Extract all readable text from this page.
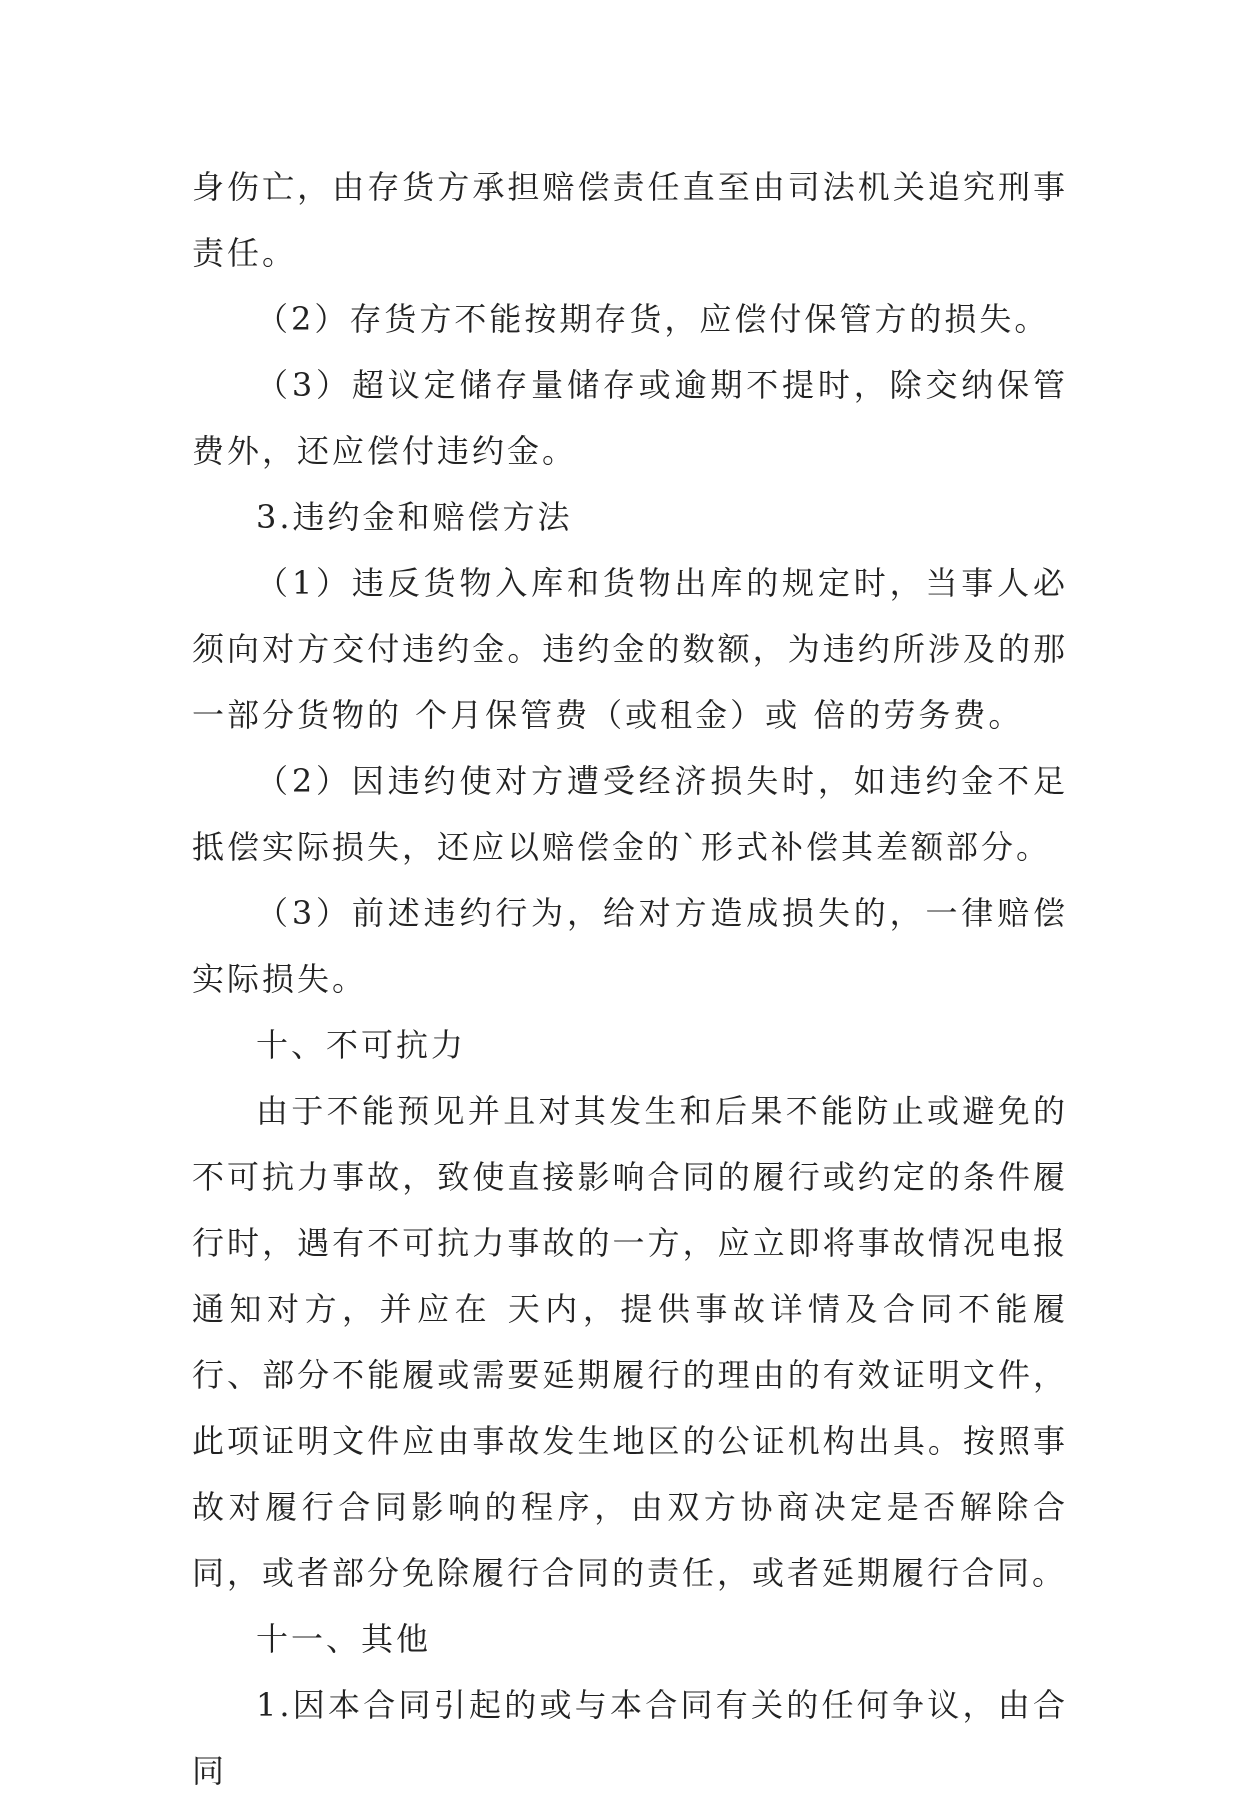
身伤亡，由存货方承担赔偿责任直至由司法机关追究刑事责任。

（2）存货方不能按期存货，应偿付保管方的损失。

（3）超议定储存量储存或逾期不提时，除交纳保管费外，还应偿付违约金。

3.违约金和赔偿方法

（1）违反货物入库和货物出库的规定时，当事人必须向对方交付违约金。违约金的数额，为违约所涉及的那一部分货物的 个月保管费（或租金）或 倍的劳务费。

（2）因违约使对方遭受经济损失时，如违约金不足抵偿实际损失，还应以赔偿金的`形式补偿其差额部分。

（3）前述违约行为，给对方造成损失的，一律赔偿实际损失。

十、不可抗力

由于不能预见并且对其发生和后果不能防止或避免的不可抗力事故，致使直接影响合同的履行或约定的条件履行时，遇有不可抗力事故的一方，应立即将事故情况电报通知对方，并应在 天内，提供事故详情及合同不能履行、部分不能履或需要延期履行的理由的有效证明文件，此项证明文件应由事故发生地区的公证机构出具。按照事故对履行合同影响的程序，由双方协商决定是否解除合同，或者部分免除履行合同的责任，或者延期履行合同。

十一、其他

1.因本合同引起的或与本合同有关的任何争议，由合同
